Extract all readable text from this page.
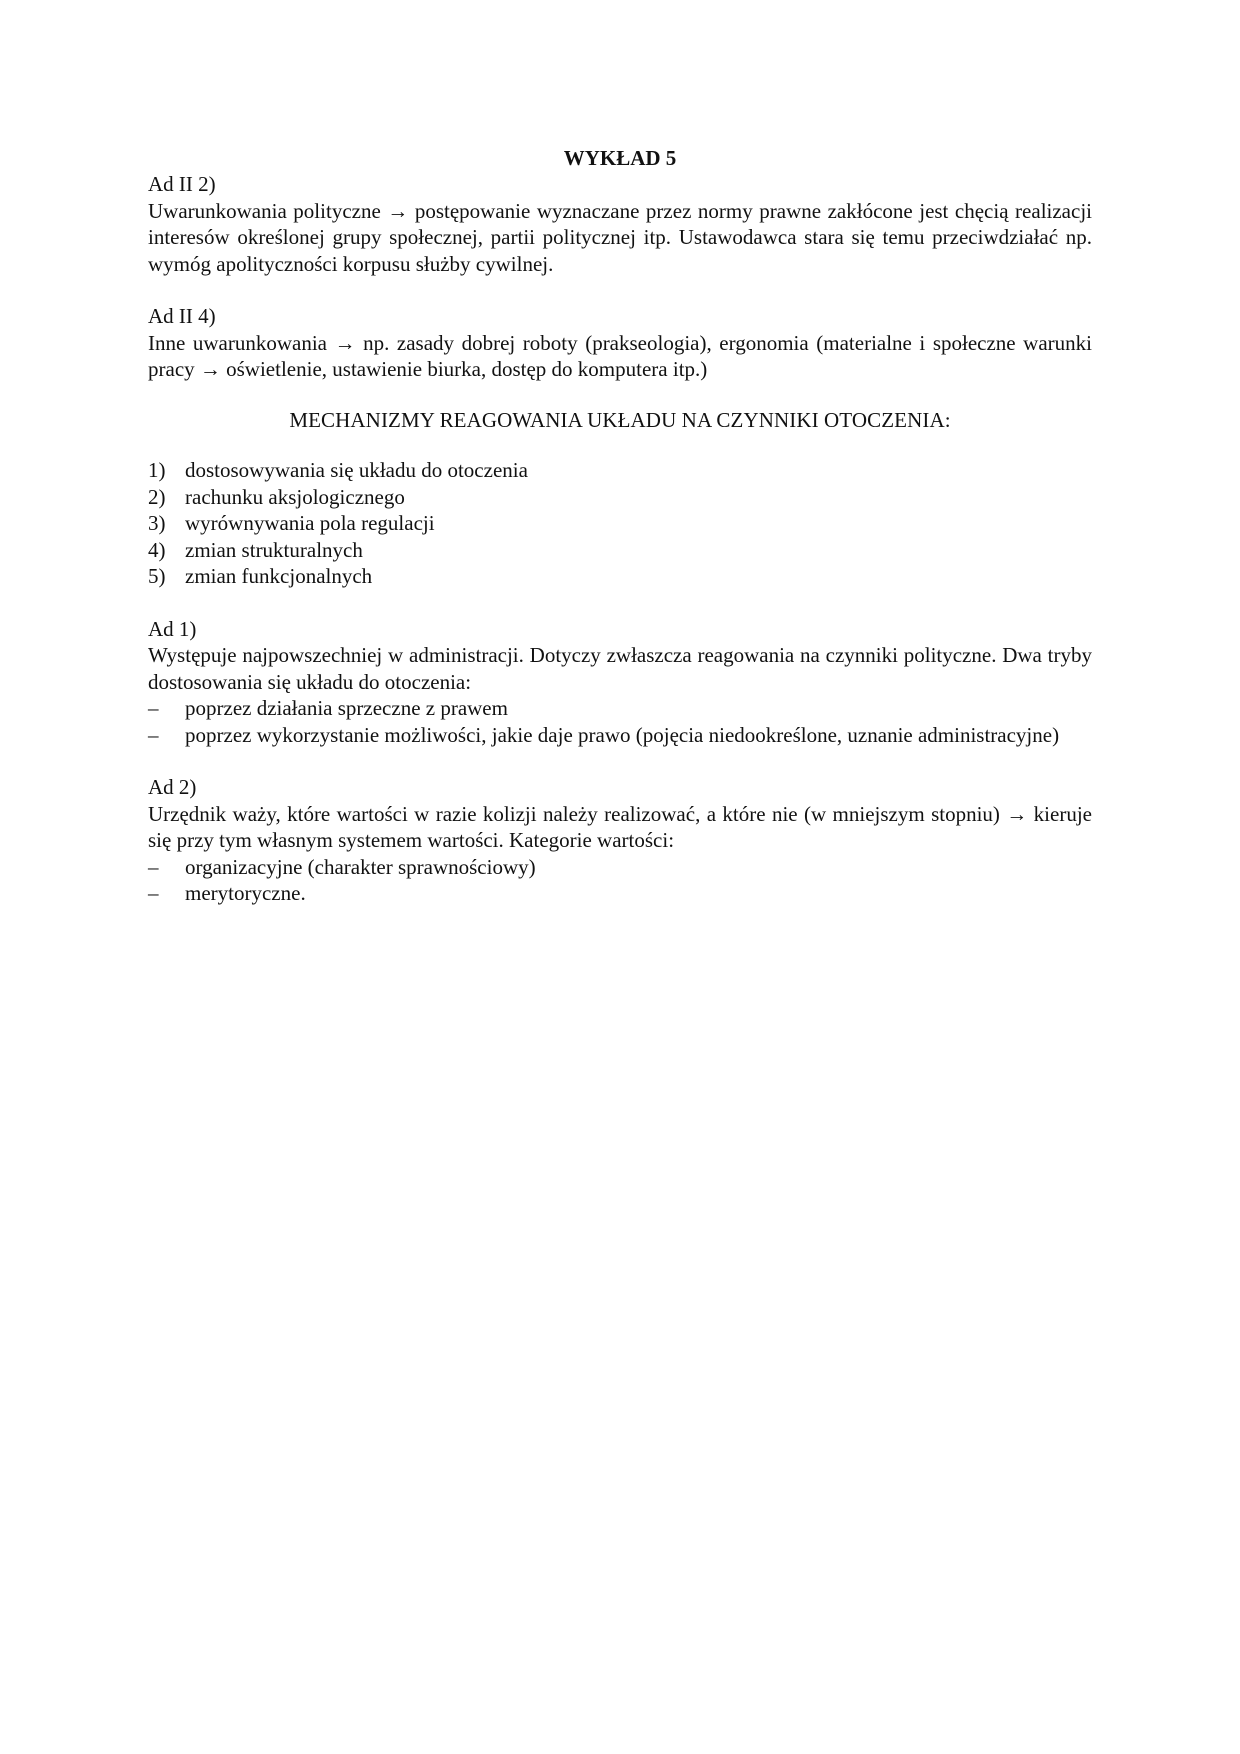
WYKŁAD 5

Ad II 2)

Uwarunkowania polityczne → postępowanie wyznaczane przez normy prawne zakłócone jest chęcią realizacji interesów określonej grupy społecznej, partii politycznej itp. Ustawodawca stara się temu przeciwdziałać np. wymóg apolityczności korpusu służby cywilnej.

Ad II 4)

Inne uwarunkowania → np. zasady dobrej roboty (prakseologia), ergonomia (materialne i społeczne warunki pracy → oświetlenie, ustawienie biurka, dostęp do komputera itp.)

MECHANIZMY REAGOWANIA UKŁADU NA CZYNNIKI OTOCZENIA:

1) dostosowywania się układu do otoczenia
2) rachunku aksjologicznego
3) wyrównywania pola regulacji
4) zmian strukturalnych
5) zmian funkcjonalnych

Ad 1)

Występuje najpowszechniej w administracji. Dotyczy zwłaszcza reagowania na czynniki polityczne. Dwa tryby dostosowania się układu do otoczenia:

– poprzez działania sprzeczne z prawem
– poprzez wykorzystanie możliwości, jakie daje prawo (pojęcia niedookreślone, uznanie administracyjne)

Ad 2)

Urzędnik waży, które wartości w razie kolizji należy realizować, a które nie (w mniejszym stopniu) → kieruje się przy tym własnym systemem wartości. Kategorie wartości:

– organizacyjne (charakter sprawnościowy)
– merytoryczne.
